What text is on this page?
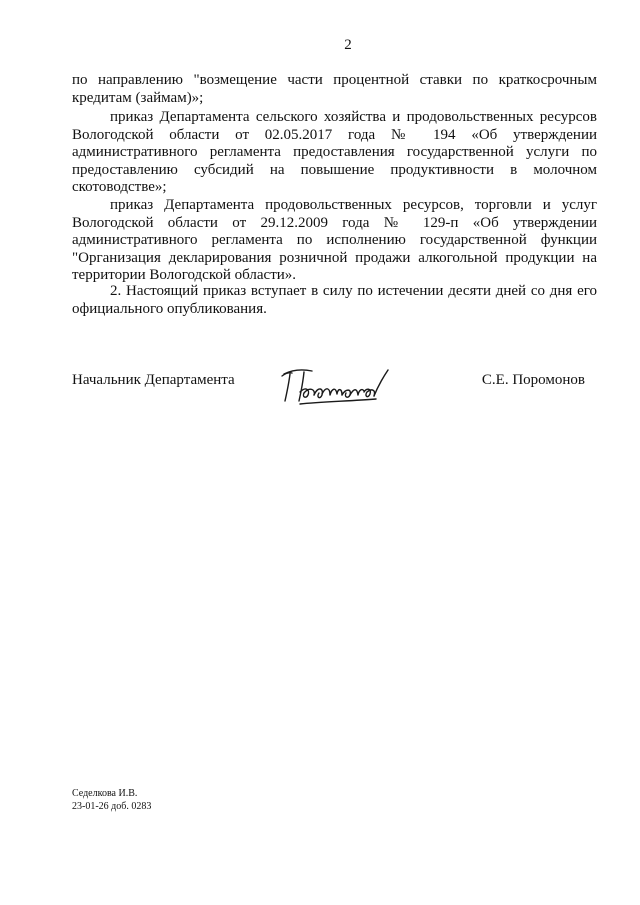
2

по направлению "возмещение части процентной ставки по краткосрочным кредитам (займам)»;

приказ Департамента сельского хозяйства и продовольственных ресурсов Вологодской области от 02.05.2017 года № 194 «Об утверждении административного регламента предоставления государственной услуги по предоставлению субсидий на повышение продуктивности в молочном скотоводстве»;

приказ Департамента продовольственных ресурсов, торговли и услуг Вологодской области от 29.12.2009 года № 129-п «Об утверждении административного регламента по исполнению государственной функции "Организация декларирования розничной продажи алкогольной продукции на территории Вологодской области».

2. Настоящий приказ вступает в силу по истечении десяти дней со дня его официального опубликования.

Начальник Департамента	С.Е. Поромонов
Седелкова И.В.
23-01-26 доб. 0283
